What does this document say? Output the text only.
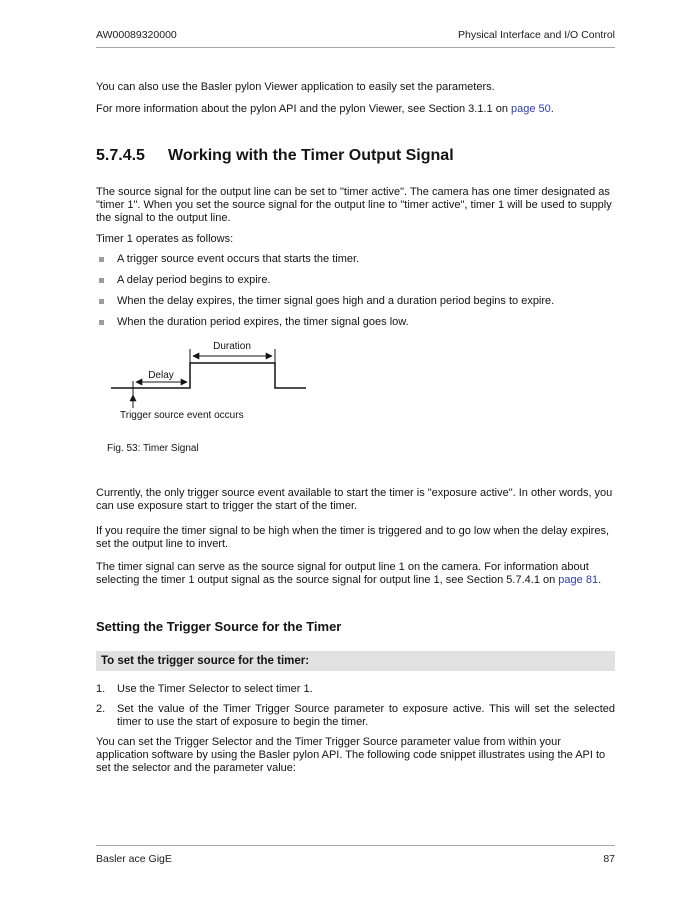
AW00089320000	Physical Interface and I/O Control

You can also use the Basler pylon Viewer application to easily set the parameters.

For more information about the pylon API and the pylon Viewer, see Section 3.1.1 on page 50.

5.7.4.5	Working with the Timer Output Signal

The source signal for the output line can be set to "timer active". The camera has one timer designated as "timer 1". When you set the source signal for the output line to "timer active", timer 1 will be used to supply the signal to the output line.

Timer 1 operates as follows:

A trigger source event occurs that starts the timer.
A delay period begins to expire.
When the delay expires, the timer signal goes high and a duration period begins to expire.
When the duration period expires, the timer signal goes low.
Duration
Delay
Trigger source event occurs

Fig. 53: Timer Signal

Currently, the only trigger source event available to start the timer is "exposure active". In other words, you can use exposure start to trigger the start of the timer.

If you require the timer signal to be high when the timer is triggered and to go low when the delay expires, set the output line to invert.

The timer signal can serve as the source signal for output line 1 on the camera. For information about selecting the timer 1 output signal as the source signal for output line 1, see Section 5.7.4.1 on page 81.

Setting the Trigger Source for the Timer
To set the trigger source for the timer:
1.	Use the Timer Selector to select timer 1.
2.	Set the value of the Timer Trigger Source parameter to exposure active. This will set the selected timer to use the start of exposure to begin the timer.

You can set the Trigger Selector and the Timer Trigger Source parameter value from within your application software by using the Basler pylon API. The following code snippet illustrates using the API to set the selector and the parameter value:

Basler ace GigE	87
